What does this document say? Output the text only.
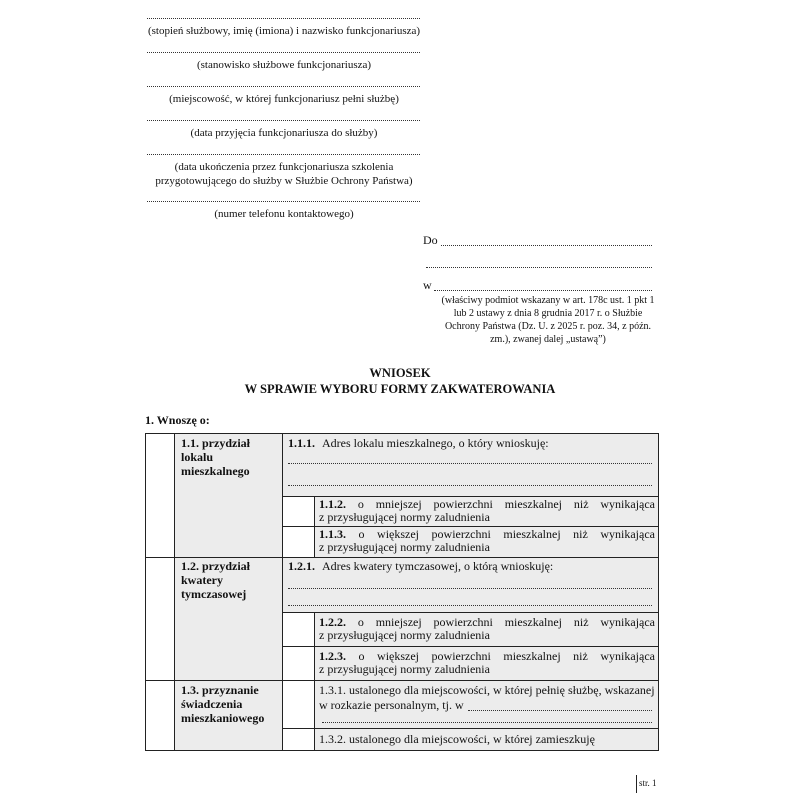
(stopień służbowy, imię (imiona) i nazwisko funkcjonariusza)
(stanowisko służbowe funkcjonariusza)
(miejscowość, w której funkcjonariusz pełni służbę)
(data przyjęcia funkcjonariusza do służby)
(data ukończenia przez funkcjonariusza szkolenia
przygotowującego do służby w Służbie Ochrony Państwa)
(numer telefonu kontaktowego)
Do
w
(właściwy podmiot wskazany w art. 178c ust. 1 pkt 1
lub 2 ustawy z dnia 8 grudnia 2017 r. o Służbie
Ochrony Państwa (Dz. U. z 2025 r. poz. 34, z późn.
zm.), zwanej dalej „ustawą”)
WNIOSEK
W SPRAWIE WYBORU FORMY ZAKWATEROWANIA
1. Wnoszę o:
1.1. przydział
lokalu
mieszkalnego
1.1.1. Adres lokalu mieszkalnego, o który wnioskuję:
1.1.2. o mniejszej powierzchni mieszkalnej niż wynikająca
z przysługującej normy zaludnienia
1.1.3. o większej powierzchni mieszkalnej niż wynikająca
z przysługującej normy zaludnienia
1.2. przydział
kwatery
tymczasowej
1.2.1. Adres kwatery tymczasowej, o którą wnioskuję:
1.2.2. o mniejszej powierzchni mieszkalnej niż wynikająca
z przysługującej normy zaludnienia
1.2.3. o większej powierzchni mieszkalnej niż wynikająca
z przysługującej normy zaludnienia
1.3. przyznanie
świadczenia
mieszkaniowego
1.3.1. ustalonego dla miejscowości, w której pełnię służbę, wskazanej
w rozkazie personalnym, tj. w
1.3.2. ustalonego dla miejscowości, w której zamieszkuję
str. 1
